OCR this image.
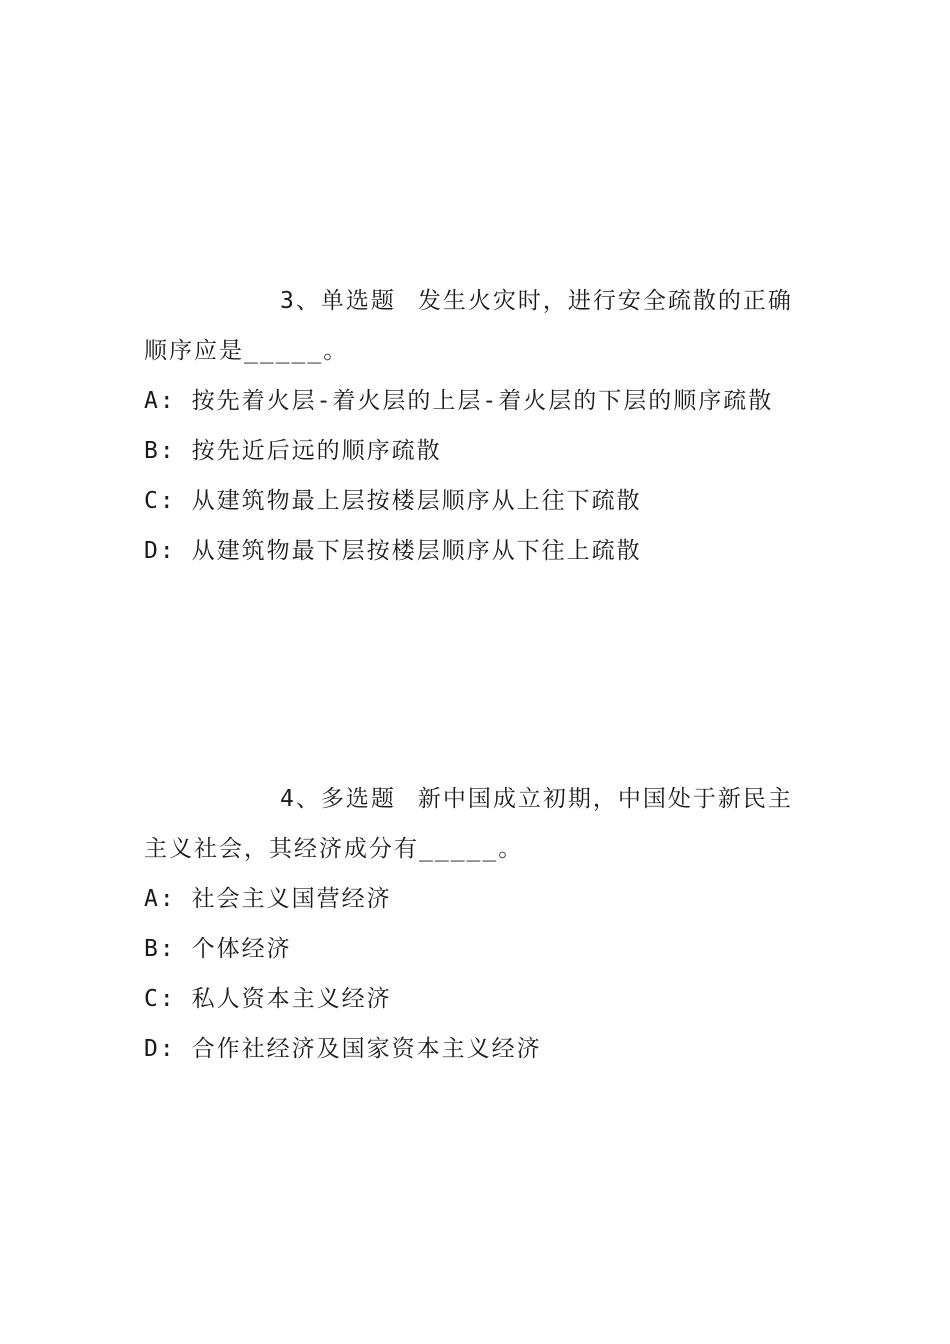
3、单选题 发生火灾时，进行安全疏散的正确顺序应是_____。

A: 按先着火层-着火层的上层-着火层的下层的顺序疏散

B: 按先近后远的顺序疏散

C: 从建筑物最上层按楼层顺序从上往下疏散

D: 从建筑物最下层按楼层顺序从下往上疏散

4、多选题 新中国成立初期，中国处于新民主主义社会，其经济成分有_____。

A: 社会主义国营经济

B: 个体经济

C: 私人资本主义经济

D: 合作社经济及国家资本主义经济
